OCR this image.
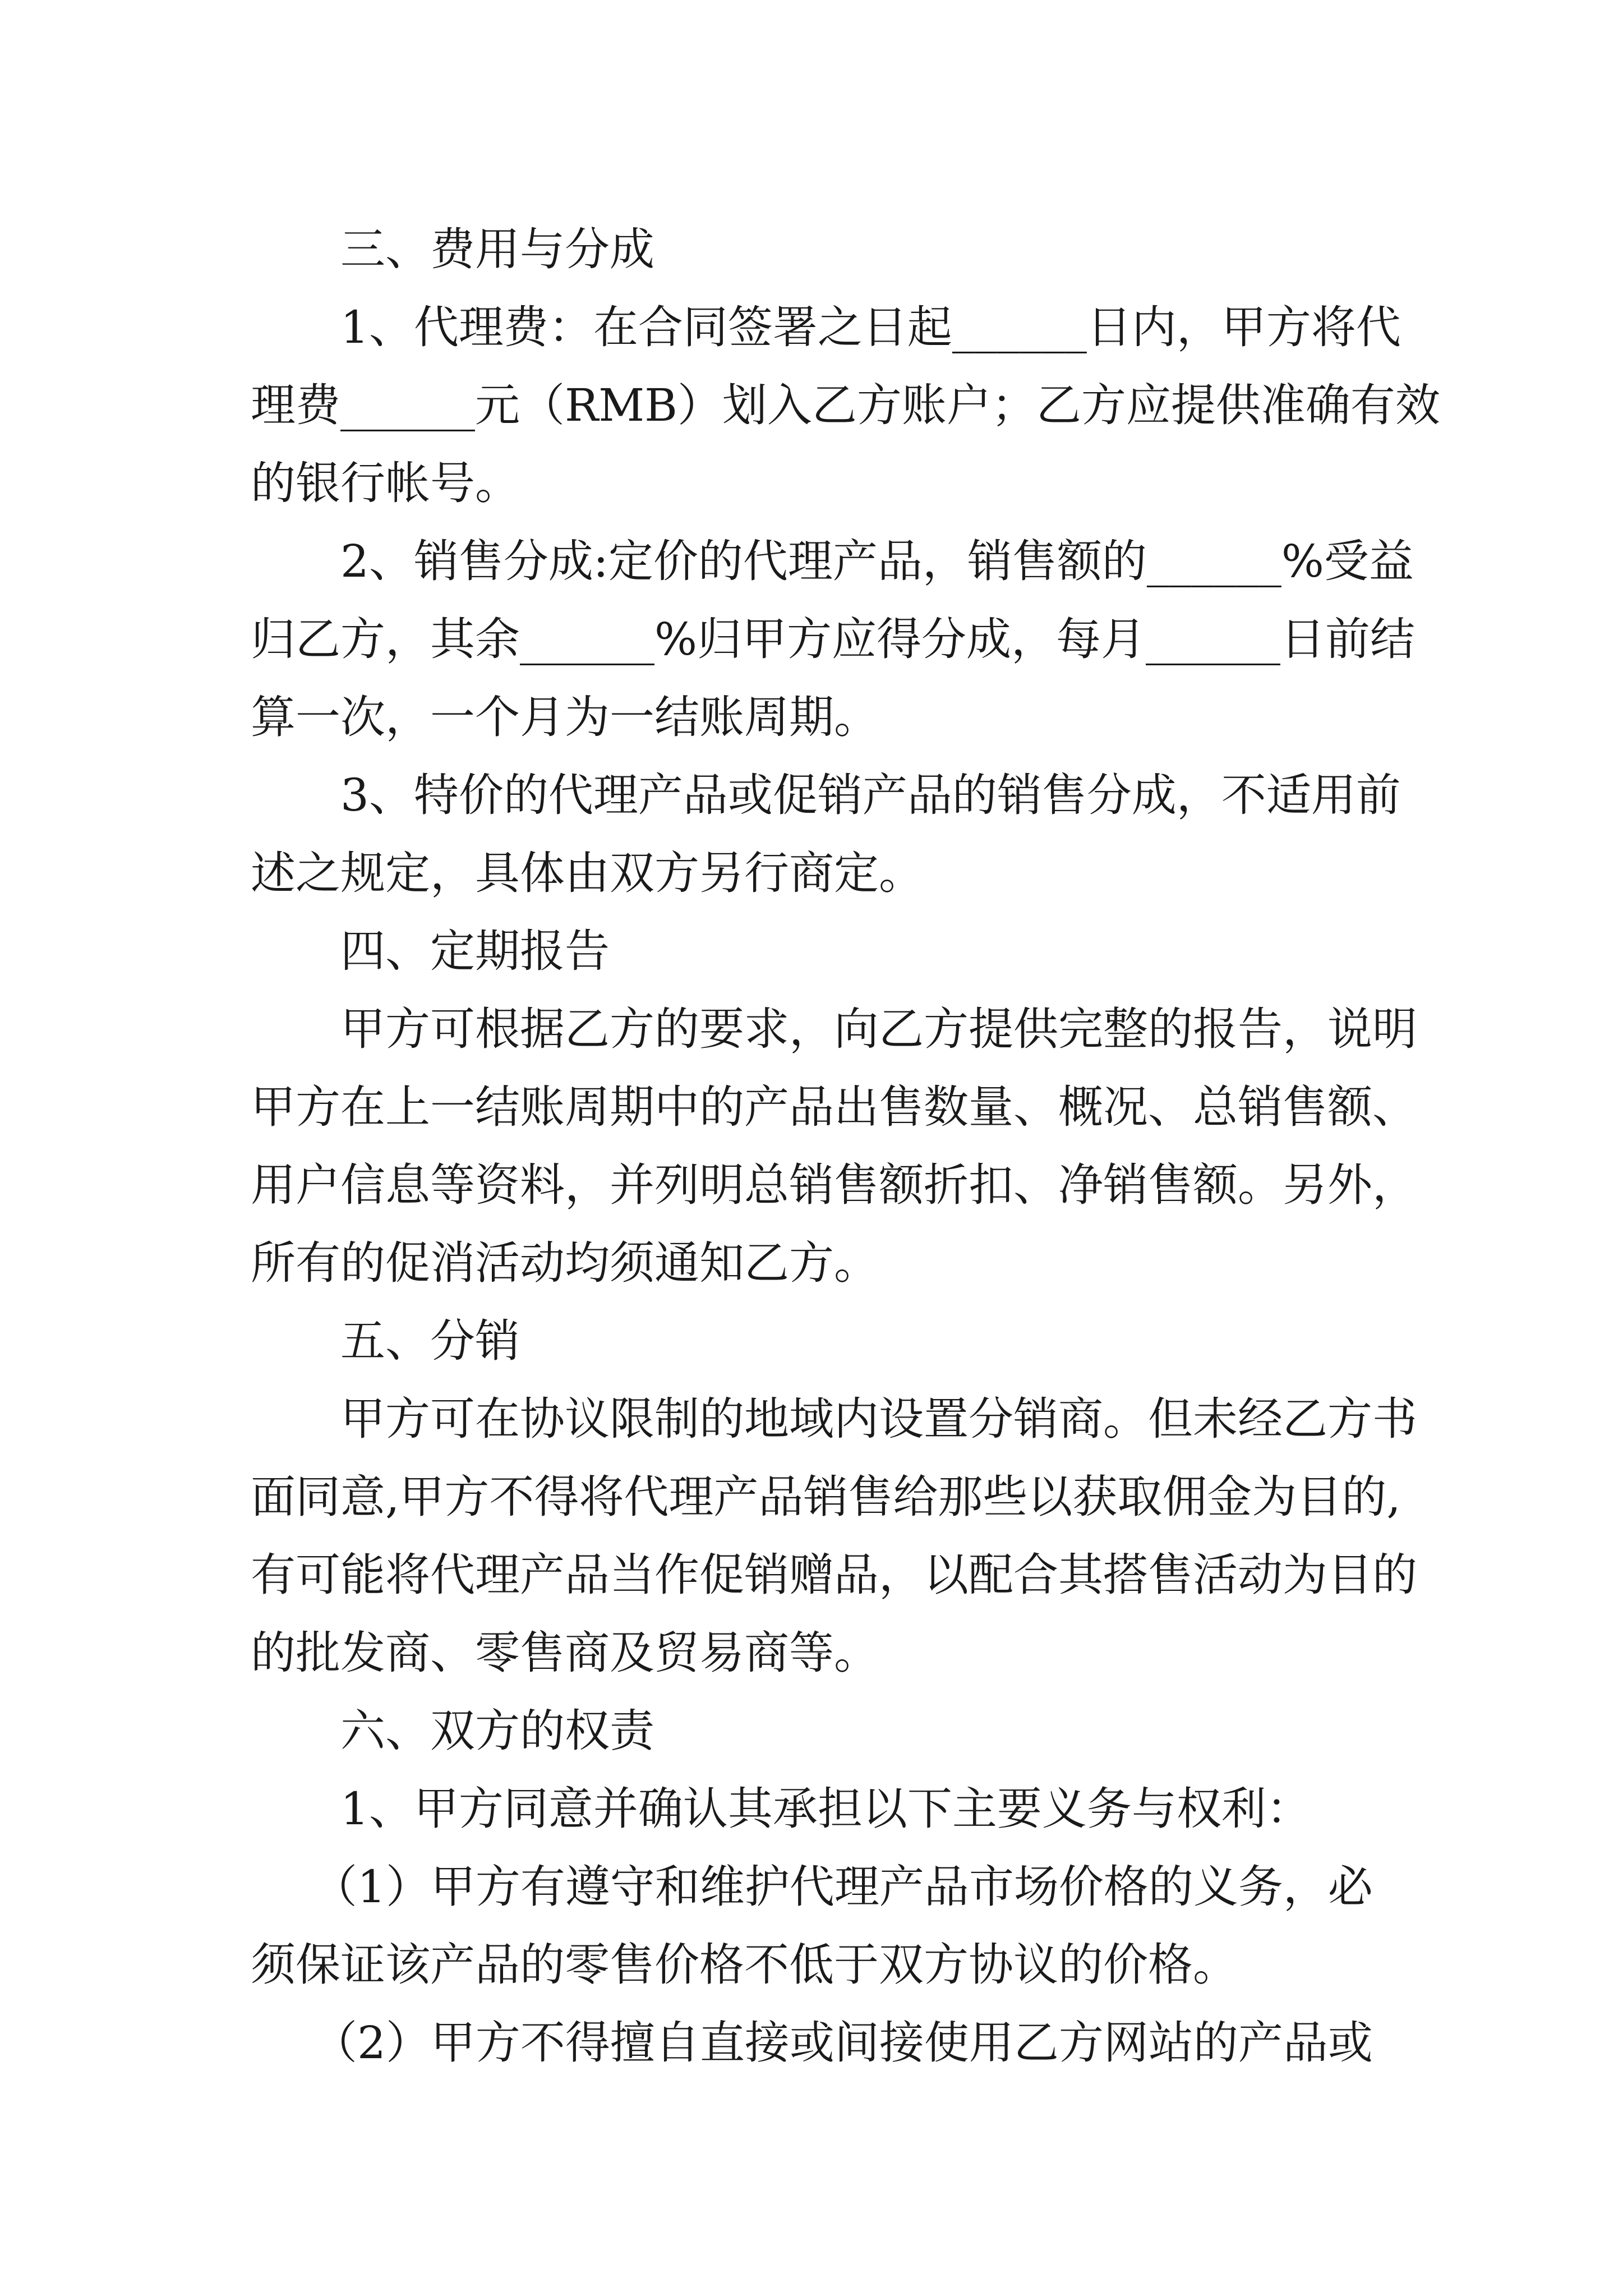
三、费用与分成
1、代理费：在合同签署之日起______日内，甲方将代
理费______元（RMB）划入乙方账户；乙方应提供准确有效
的银行帐号。
2、销售分成:定价的代理产品，销售额的______%受益
归乙方，其余______%归甲方应得分成，每月______日前结
算一次，一个月为一结账周期。
3、特价的代理产品或促销产品的销售分成，不适用前
述之规定，具体由双方另行商定。
四、定期报告
甲方可根据乙方的要求，向乙方提供完整的报告，说明
甲方在上一结账周期中的产品出售数量、概况、总销售额、
用户信息等资料，并列明总销售额折扣、净销售额。另外，
所有的促消活动均须通知乙方。
五、分销
甲方可在协议限制的地域内设置分销商。但未经乙方书
面同意,甲方不得将代理产品销售给那些以获取佣金为目的,
有可能将代理产品当作促销赠品，以配合其搭售活动为目的
的批发商、零售商及贸易商等。
六、双方的权责
1、甲方同意并确认其承担以下主要义务与权利：
（1）甲方有遵守和维护代理产品市场价格的义务，必
须保证该产品的零售价格不低于双方协议的价格。
（2）甲方不得擅自直接或间接使用乙方网站的产品或
